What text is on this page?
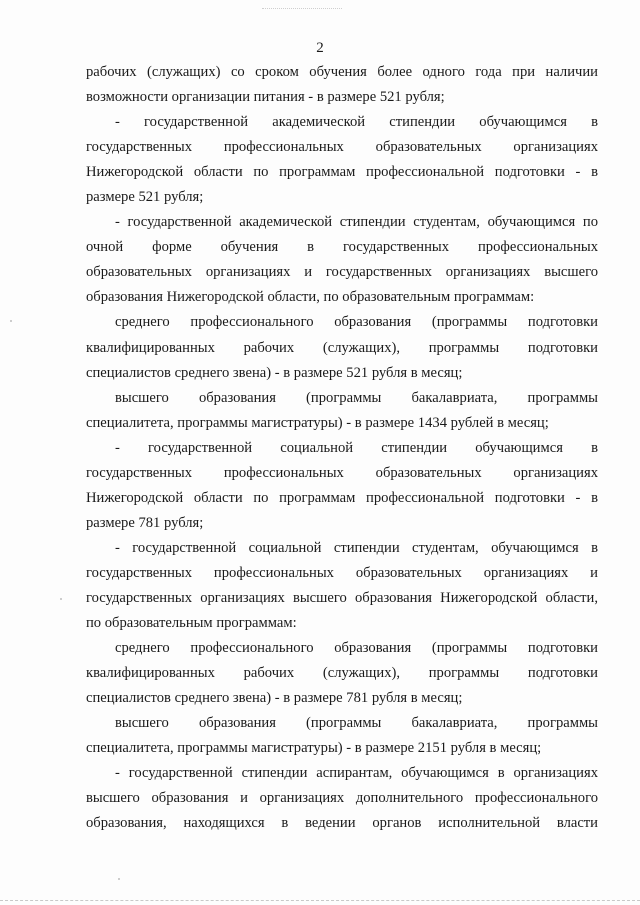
2
рабочих (служащих) со сроком обучения более одного года при наличии
возможности организации питания - в размере 521 рубля;
- государственной академической стипендии обучающимся в
государственных профессиональных образовательных организациях
Нижегородской области по программам профессиональной подготовки - в
размере 521 рубля;
- государственной академической стипендии студентам, обучающимся по
очной форме обучения в государственных профессиональных
образовательных организациях и государственных организациях высшего
образования Нижегородской области, по образовательным программам:
среднего профессионального образования (программы подготовки
квалифицированных рабочих (служащих), программы подготовки
специалистов среднего звена) - в размере 521 рубля в месяц;
высшего образования (программы бакалавриата, программы
специалитета, программы магистратуры) - в размере 1434 рублей в месяц;
- государственной социальной стипендии обучающимся в
государственных профессиональных образовательных организациях
Нижегородской области по программам профессиональной подготовки - в
размере 781 рубля;
- государственной социальной стипендии студентам, обучающимся в
государственных профессиональных образовательных организациях и
государственных организациях высшего образования Нижегородской области,
по образовательным программам:
среднего профессионального образования (программы подготовки
квалифицированных рабочих (служащих), программы подготовки
специалистов среднего звена) - в размере 781 рубля в месяц;
высшего образования (программы бакалавриата, программы
специалитета, программы магистратуры) - в размере 2151 рубля в месяц;
- государственной стипендии аспирантам, обучающимся в организациях
высшего образования и организациях дополнительного профессионального
образования, находящихся в ведении органов исполнительной власти
